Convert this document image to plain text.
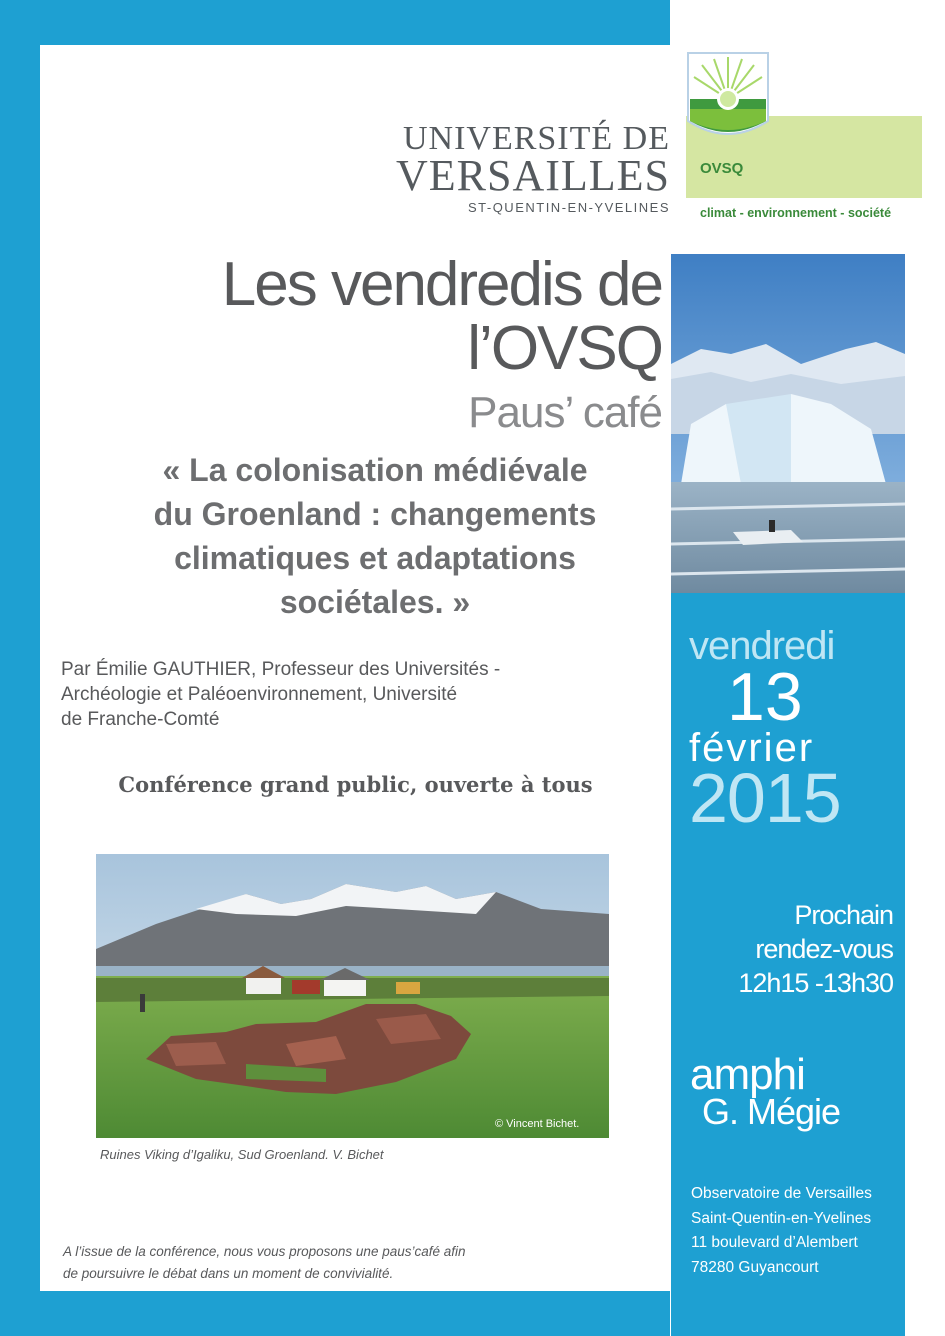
UNIVERSITÉ DE
VERSAILLES
ST-QUENTIN-EN-YVELINES
OVSQ
climat - environnement - société
Les vendredis de
l’OVSQ
Paus’ café
« La colonisation médiévale
du Groenland : changements
climatiques et adaptations
sociétales. »
Par Émilie GAUTHIER, Professeur des Universités -
Archéologie et Paléoenvironnement, Université
de Franche-Comté
Conférence grand public, ouverte à tous
© Vincent Bichet.
Ruines Viking d’Igaliku, Sud Groenland. V. Bichet
A l’issue de la conférence, nous vous proposons une paus’café afin
de poursuivre le débat dans un moment de convivialité.
vendredi
13
février
2015
Prochain
rendez-vous
12h15 -13h30
amphi
G. Mégie
Observatoire de Versailles
Saint-Quentin-en-Yvelines
11 boulevard d’Alembert
78280 Guyancourt
